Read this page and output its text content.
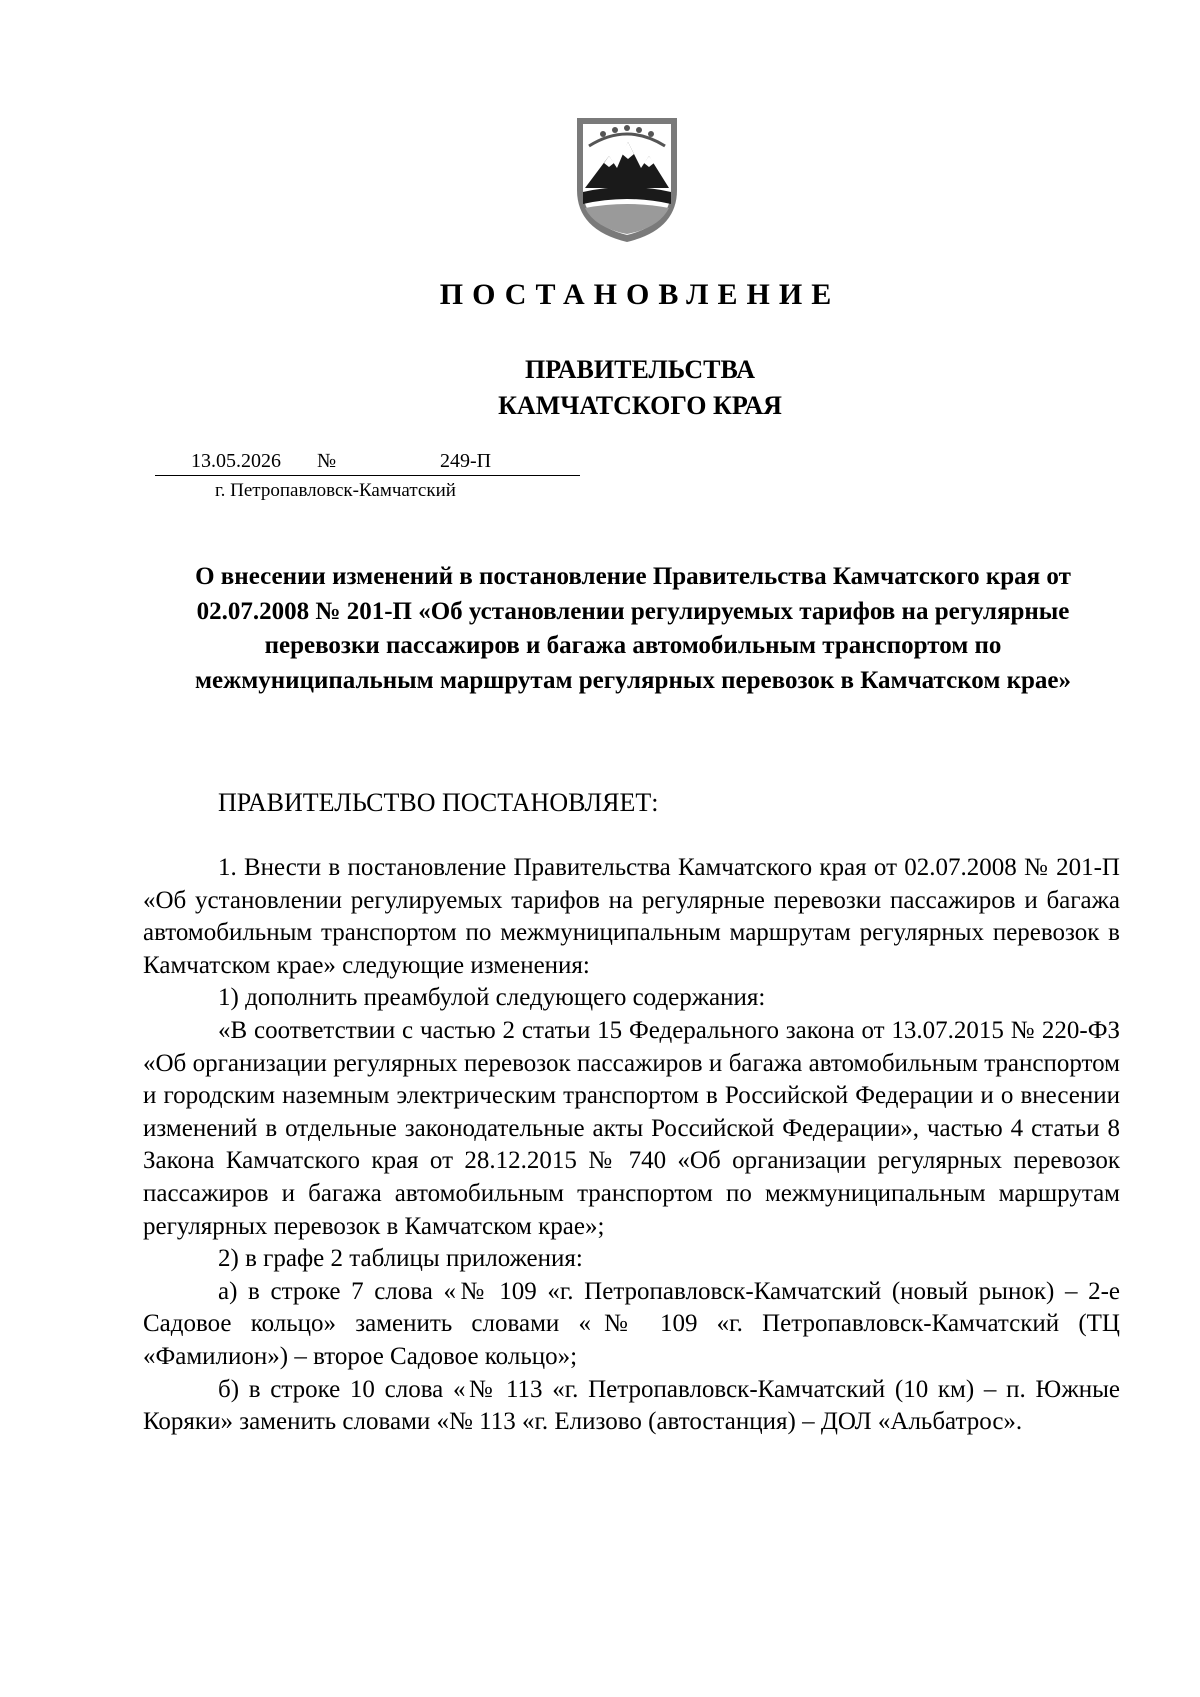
ПОСТАНОВЛЕНИЕ
ПРАВИТЕЛЬСТВА
КАМЧАТСКОГО КРАЯ
13.05.2026 №	249-П
г. Петропавловск-Камчатский
О внесении изменений в постановление Правительства Камчатского края от 02.07.2008 № 201-П «Об установлении регулируемых тарифов на регулярные перевозки пассажиров и багажа автомобильным транспортом по межмуниципальным маршрутам регулярных перевозок в Камчатском крае»
ПРАВИТЕЛЬСТВО ПОСТАНОВЛЯЕТ:

1. Внести в постановление Правительства Камчатского края от 02.07.2008 № 201-П «Об установлении регулируемых тарифов на регулярные перевозки пассажиров и багажа автомобильным транспортом по межмуниципальным маршрутам регулярных перевозок в Камчатском крае» следующие изменения:

1) дополнить преамбулой следующего содержания:

«В соответствии с частью 2 статьи 15 Федерального закона от 13.07.2015 № 220-ФЗ «Об организации регулярных перевозок пассажиров и багажа автомобильным транспортом и городским наземным электрическим транспортом в Российской Федерации и о внесении изменений в отдельные законодательные акты Российской Федерации», частью 4 статьи 8 Закона Камчатского края от 28.12.2015 № 740 «Об организации регулярных перевозок пассажиров и багажа автомобильным транспортом по межмуниципальным маршрутам регулярных перевозок в Камчатском крае»;

2) в графе 2 таблицы приложения:

а) в строке 7 слова «№ 109 «г. Петропавловск-Камчатский (новый рынок) – 2-е Садовое кольцо» заменить словами «№ 109 «г. Петропавловск-Камчатский (ТЦ «Фамилион») – второе Садовое кольцо»;

б) в строке 10 слова «№ 113 «г. Петропавловск-Камчатский (10 км) – п. Южные Коряки» заменить словами «№ 113 «г. Елизово (автостанция) – ДОЛ «Альбатрос».
